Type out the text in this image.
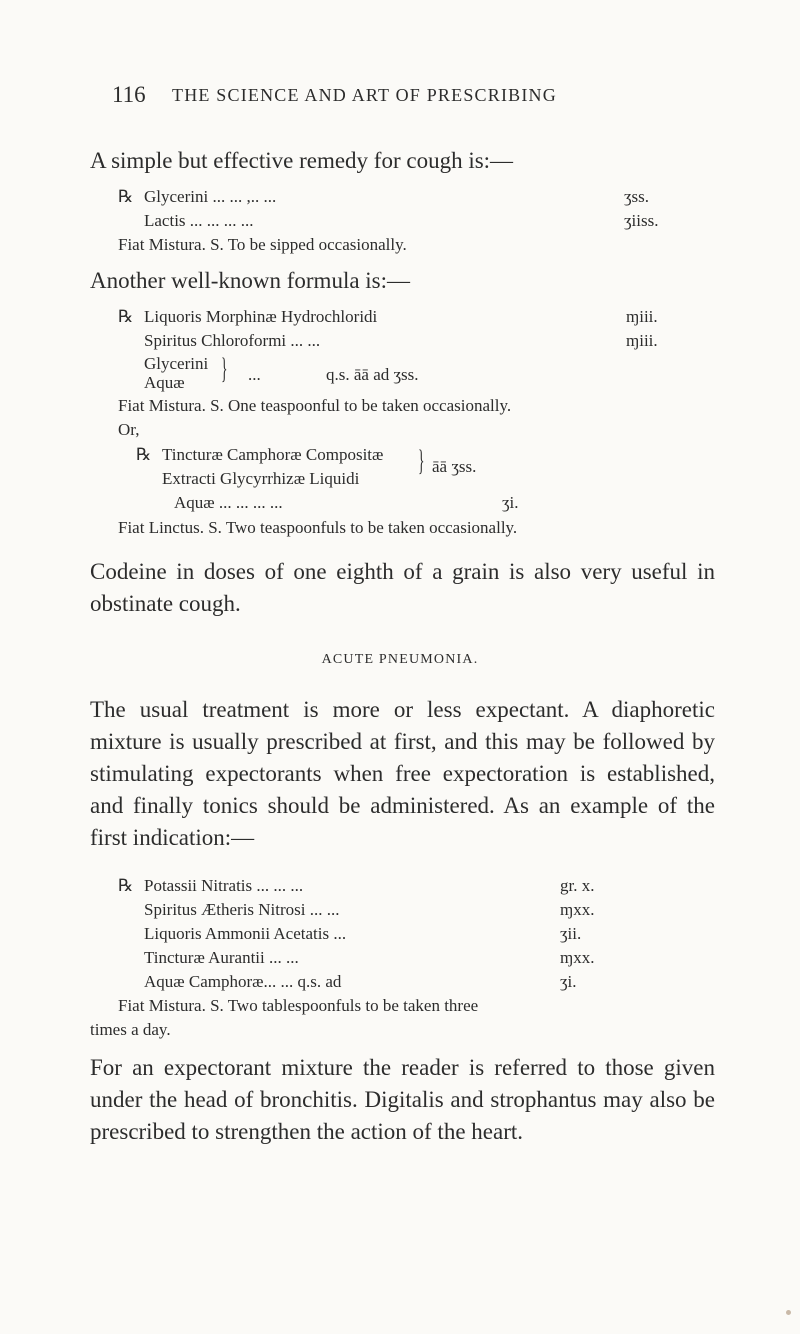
116 THE SCIENCE AND ART OF PRESCRIBING
A simple but effective remedy for cough is:—
℞ Glycerini ... ... ,.. ...	ʒss.
Lactis ... ... ... ...	ʒiiss.
Fiat Mistura. S. To be sipped occasionally.
Another well-known formula is:—
℞ Liquoris Morphinæ Hydrochloridi	ɱiii.
Spiritus Chloroformi ... ...	ɱiii.
Glycerini
Aquæ } ...	q.s. āā ad ʒss.
Fiat Mistura. S. One teaspoonful to be taken occasionally.
Or,
℞ Tincturæ Camphoræ Compositæ
Extracti Glycyrrhizæ Liquidi
} āā ʒss.
Aquæ ... ... ... ...	ʒi.
Fiat Linctus. S. Two teaspoonfuls to be taken occasionally.
Codeine in doses of one eighth of a grain is also very useful in obstinate cough.
ACUTE PNEUMONIA.
The usual treatment is more or less expectant. A diaphoretic mixture is usually prescribed at first, and this may be followed by stimulating expectorants when free expectoration is established, and finally tonics should be administered. As an example of the first indication:—
℞ Potassii Nitratis ... ... ...	gr. x.
Spiritus Ætheris Nitrosi ... ...	ɱxx.
Liquoris Ammonii Acetatis ...	ʒii.
Tincturæ Aurantii ... ...	ɱxx.
Aquæ Camphoræ... ... q.s. ad	ʒi.
Fiat Mistura. S. Two tablespoonfuls to be taken three
times a day.
For an expectorant mixture the reader is referred to those given under the head of bronchitis. Digitalis and strophantus may also be prescribed to strengthen the action of the heart.
